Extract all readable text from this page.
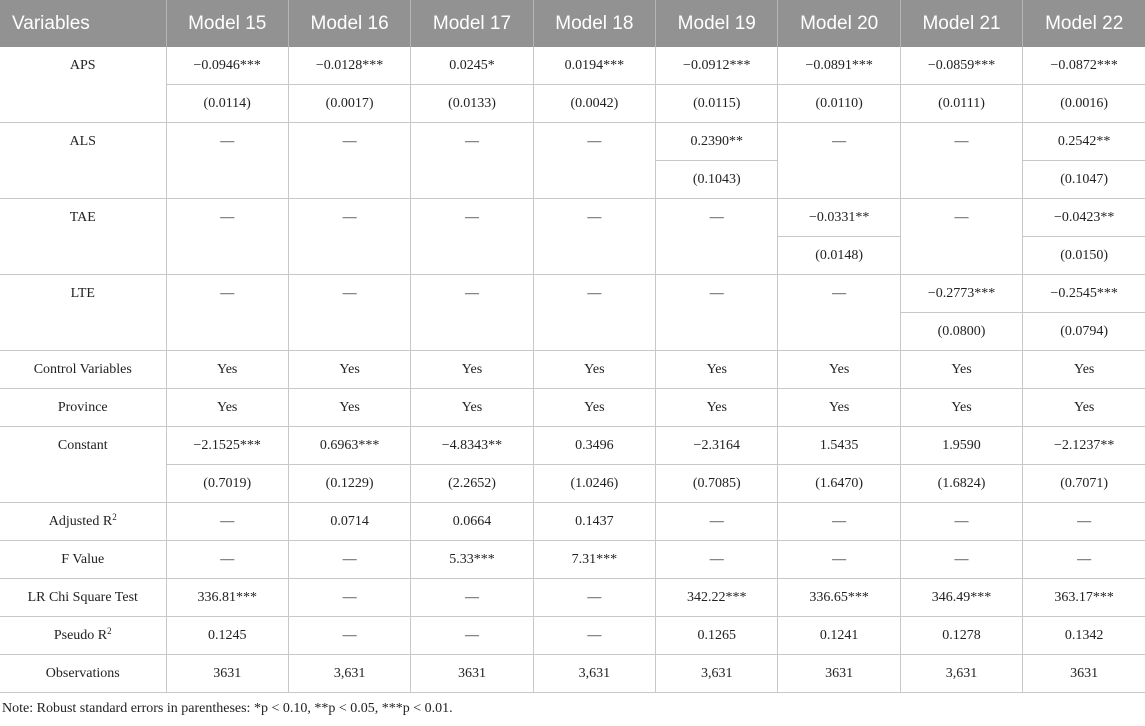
Variables	Model 15	Model 16	Model 17	Model 18	Model 19	Model 20	Model 21	Model 22
APS	−0.0946***	−0.0128***	0.0245*	0.0194***	−0.0912***	−0.0891***	−0.0859***	−0.0872***
	(0.0114)	(0.0017)	(0.0133)	(0.0042)	(0.0115)	(0.0110)	(0.0111)	(0.0016)
ALS	—	—	—	—	0.2390**	—	—	0.2542**
					(0.1043)			(0.1047)
TAE	—	—	—	—	—	−0.0331**	—	−0.0423**
						(0.0148)		(0.0150)
LTE	—	—	—	—	—	—	−0.2773***	−0.2545***
							(0.0800)	(0.0794)
Control Variables	Yes	Yes	Yes	Yes	Yes	Yes	Yes	Yes
Province	Yes	Yes	Yes	Yes	Yes	Yes	Yes	Yes
Constant	−2.1525***	0.6963***	−4.8343**	0.3496	−2.3164	1.5435	1.9590	−2.1237**
	(0.7019)	(0.1229)	(2.2652)	(1.0246)	(0.7085)	(1.6470)	(1.6824)	(0.7071)
Adjusted $R^2$	—	0.0714	0.0664	0.1437	—	—	—	—
F Value	—	—	5.33***	7.31***	—	—	—	—
LR Chi Square Test	336.81***	—	—	—	342.22***	336.65***	346.49***	363.17***
Pseudo $R^2$	0.1245	—	—	—	0.1265	0.1241	0.1278	0.1342
Observations	3631	3,631	3631	3,631	3,631	3631	3,631	3631
Note: Robust standard errors in parentheses: *p < 0.10, **p < 0.05, ***p < 0.01.
